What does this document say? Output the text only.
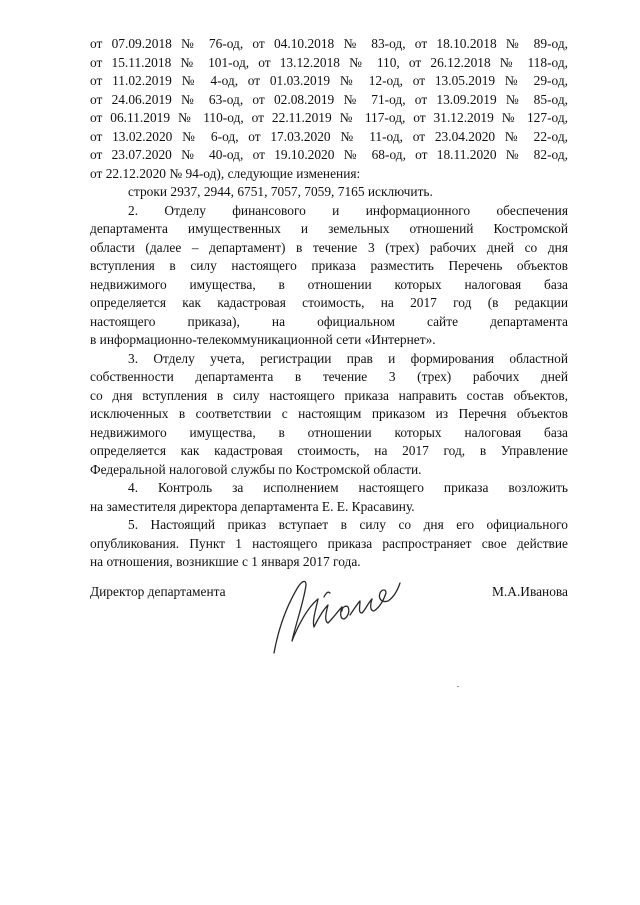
от 07.09.2018 № 76-од, от 04.10.2018 № 83-од, от 18.10.2018 № 89-од,
от 15.11.2018 № 101-од, от 13.12.2018 № 110, от 26.12.2018 № 118-од,
от 11.02.2019 № 4-од, от 01.03.2019 № 12-од, от 13.05.2019 № 29-од,
от 24.06.2019 № 63-од, от 02.08.2019 № 71-од, от 13.09.2019 № 85-од,
от 06.11.2019 № 110-од, от 22.11.2019 № 117-од, от 31.12.2019 № 127-од,
от 13.02.2020 № 6-од, от 17.03.2020 № 11-од, от 23.04.2020 № 22-од,
от 23.07.2020 № 40-од, от 19.10.2020 № 68-од, от 18.11.2020 № 82-од,
от 22.12.2020 № 94-од), следующие изменения:
строки 2937, 2944, 6751, 7057, 7059, 7165 исключить.
2. Отделу финансового и информационного обеспечения
департамента имущественных и земельных отношений Костромской
области (далее – департамент) в течение 3 (трех) рабочих дней со дня
вступления в силу настоящего приказа разместить Перечень объектов
недвижимого имущества, в отношении которых налоговая база
определяется как кадастровая стоимость, на 2017 год (в редакции
настоящего приказа), на официальном сайте департамента
в информационно-телекоммуникационной сети «Интернет».
3. Отделу учета, регистрации прав и формирования областной
собственности департамента в течение 3 (трех) рабочих дней
со дня вступления в силу настоящего приказа направить состав объектов,
исключенных в соответствии с настоящим приказом из Перечня объектов
недвижимого имущества, в отношении которых налоговая база
определяется как кадастровая стоимость, на 2017 год, в Управление
Федеральной налоговой службы по Костромской области.
4. Контроль за исполнением настоящего приказа возложить
на заместителя директора департамента Е. Е. Красавину.
5. Настоящий приказ вступает в силу со дня его официального
опубликования. Пункт 1 настоящего приказа распространяет свое действие
на отношения, возникшие с 1 января 2017 года.
Директор департамента	М.А.Иванова
